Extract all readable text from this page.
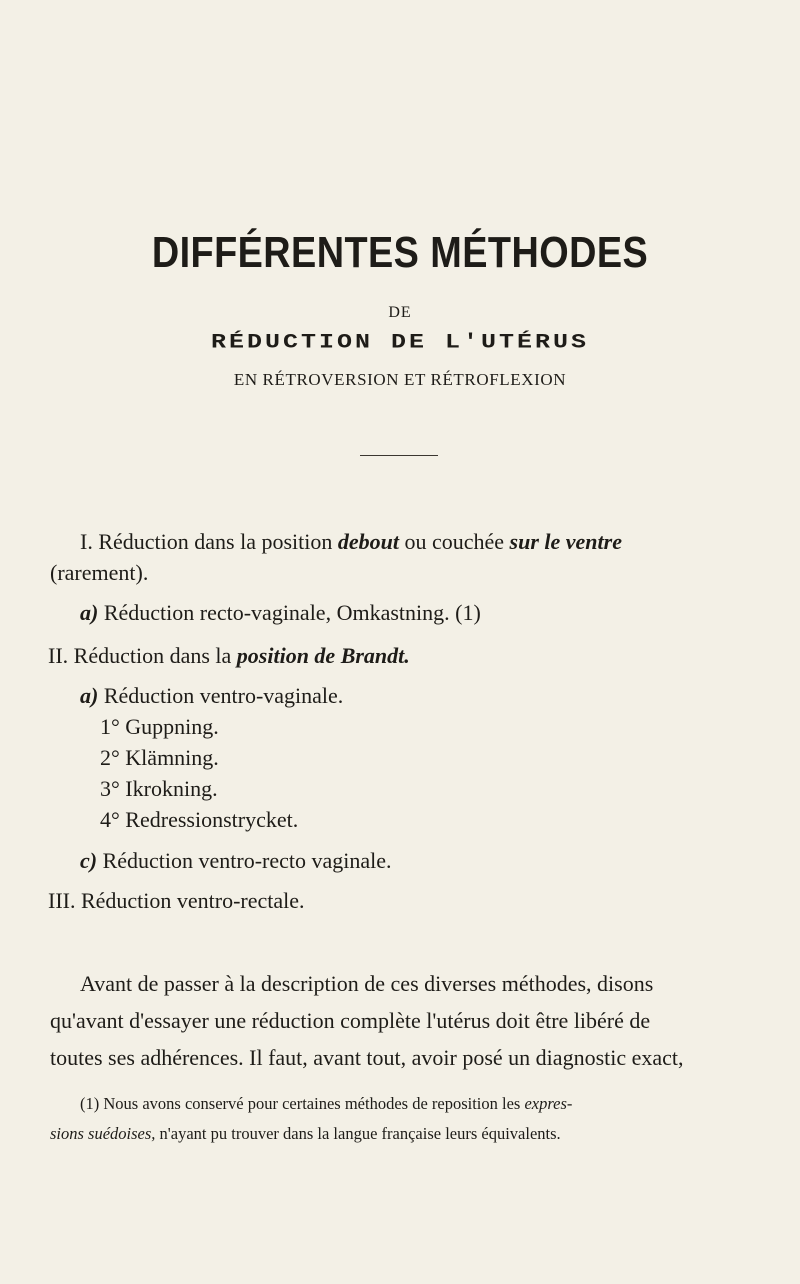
DIFFÉRENTES MÉTHODES
DE
RÉDUCTION DE L'UTÉRUS
EN RÉTROVERSION ET RÉTROFLEXION
I. Réduction dans la position debout ou couchée sur le ventre
(rarement).
a) Réduction recto-vaginale, Omkastning. (1)
II. Réduction dans la position de Brandt.
a) Réduction ventro-vaginale.
1° Guppning.
2° Klämning.
3° Ikrokning.
4° Redressionstrycket.
c) Réduction ventro-recto vaginale.
III. Réduction ventro-rectale.
Avant de passer à la description de ces diverses méthodes, disons
qu'avant d'essayer une réduction complète l'utérus doit être libéré de
toutes ses adhérences. Il faut, avant tout, avoir posé un diagnostic exact,
(1) Nous avons conservé pour certaines méthodes de reposition les expres-
sions suédoises, n'ayant pu trouver dans la langue française leurs équivalents.
